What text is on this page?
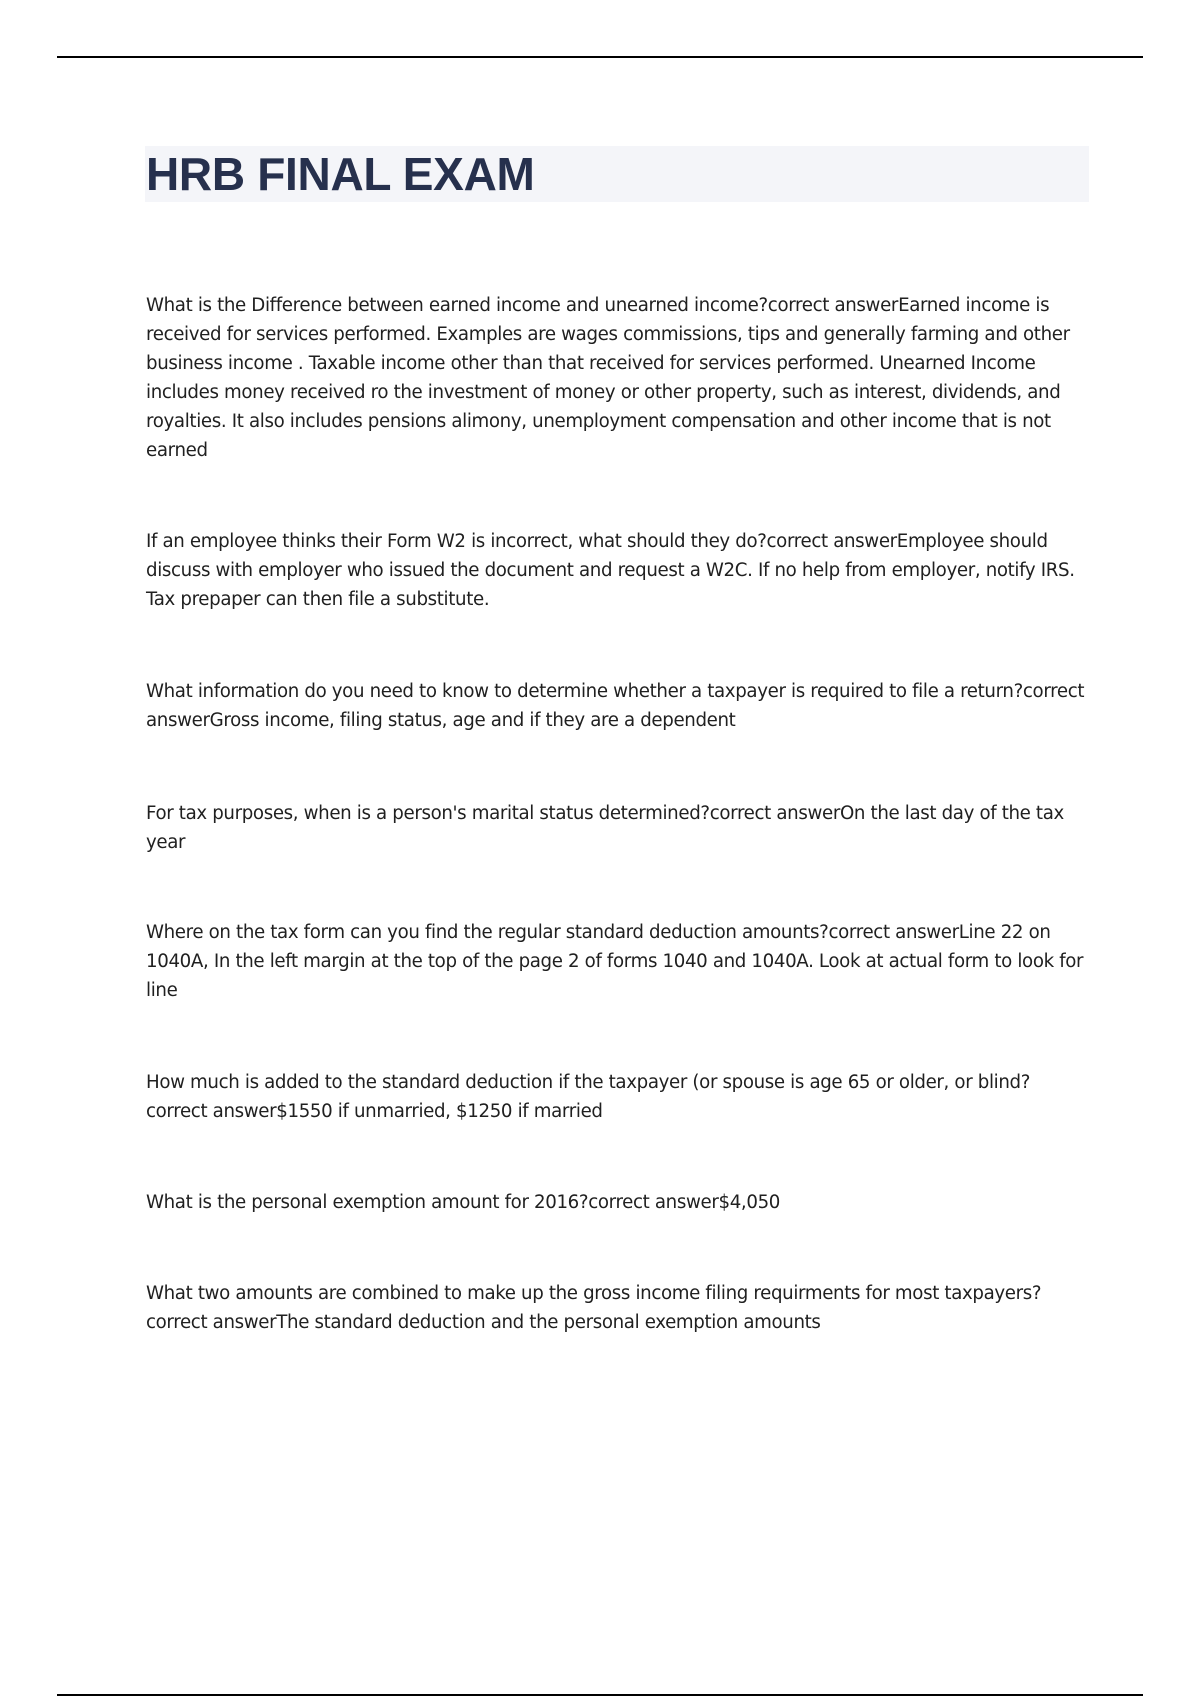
HRB FINAL EXAM

What is the Difference between earned income and unearned income?correct answerEarned income is received for services performed. Examples are wages commissions, tips and generally farming and other business income . Taxable income other than that received for services performed. Unearned Income includes money received ro the investment of money or other property, such as interest, dividends, and royalties. It also includes pensions alimony, unemployment compensation and other income that is not earned

If an employee thinks their Form W2 is incorrect, what should they do?correct answerEmployee should discuss with employer who issued the document and request a W2C. If no help from employer, notify IRS. Tax prepaper can then file a substitute.

What information do you need to know to determine whether a taxpayer is required to file a return?correct answerGross income, filing status, age and if they are a dependent

For tax purposes, when is a person's marital status determined?correct answerOn the last day of the tax year

Where on the tax form can you find the regular standard deduction amounts?correct answerLine 22 on 1040A, In the left margin at the top of the page 2 of forms 1040 and 1040A. Look at actual form to look for line

How much is added to the standard deduction if the taxpayer (or spouse is age 65 or older, or blind?correct answer$1550 if unmarried, $1250 if married

What is the personal exemption amount for 2016?correct answer$4,050

What two amounts are combined to make up the gross income filing requirments for most taxpayers?correct answerThe standard deduction and the personal exemption amounts
